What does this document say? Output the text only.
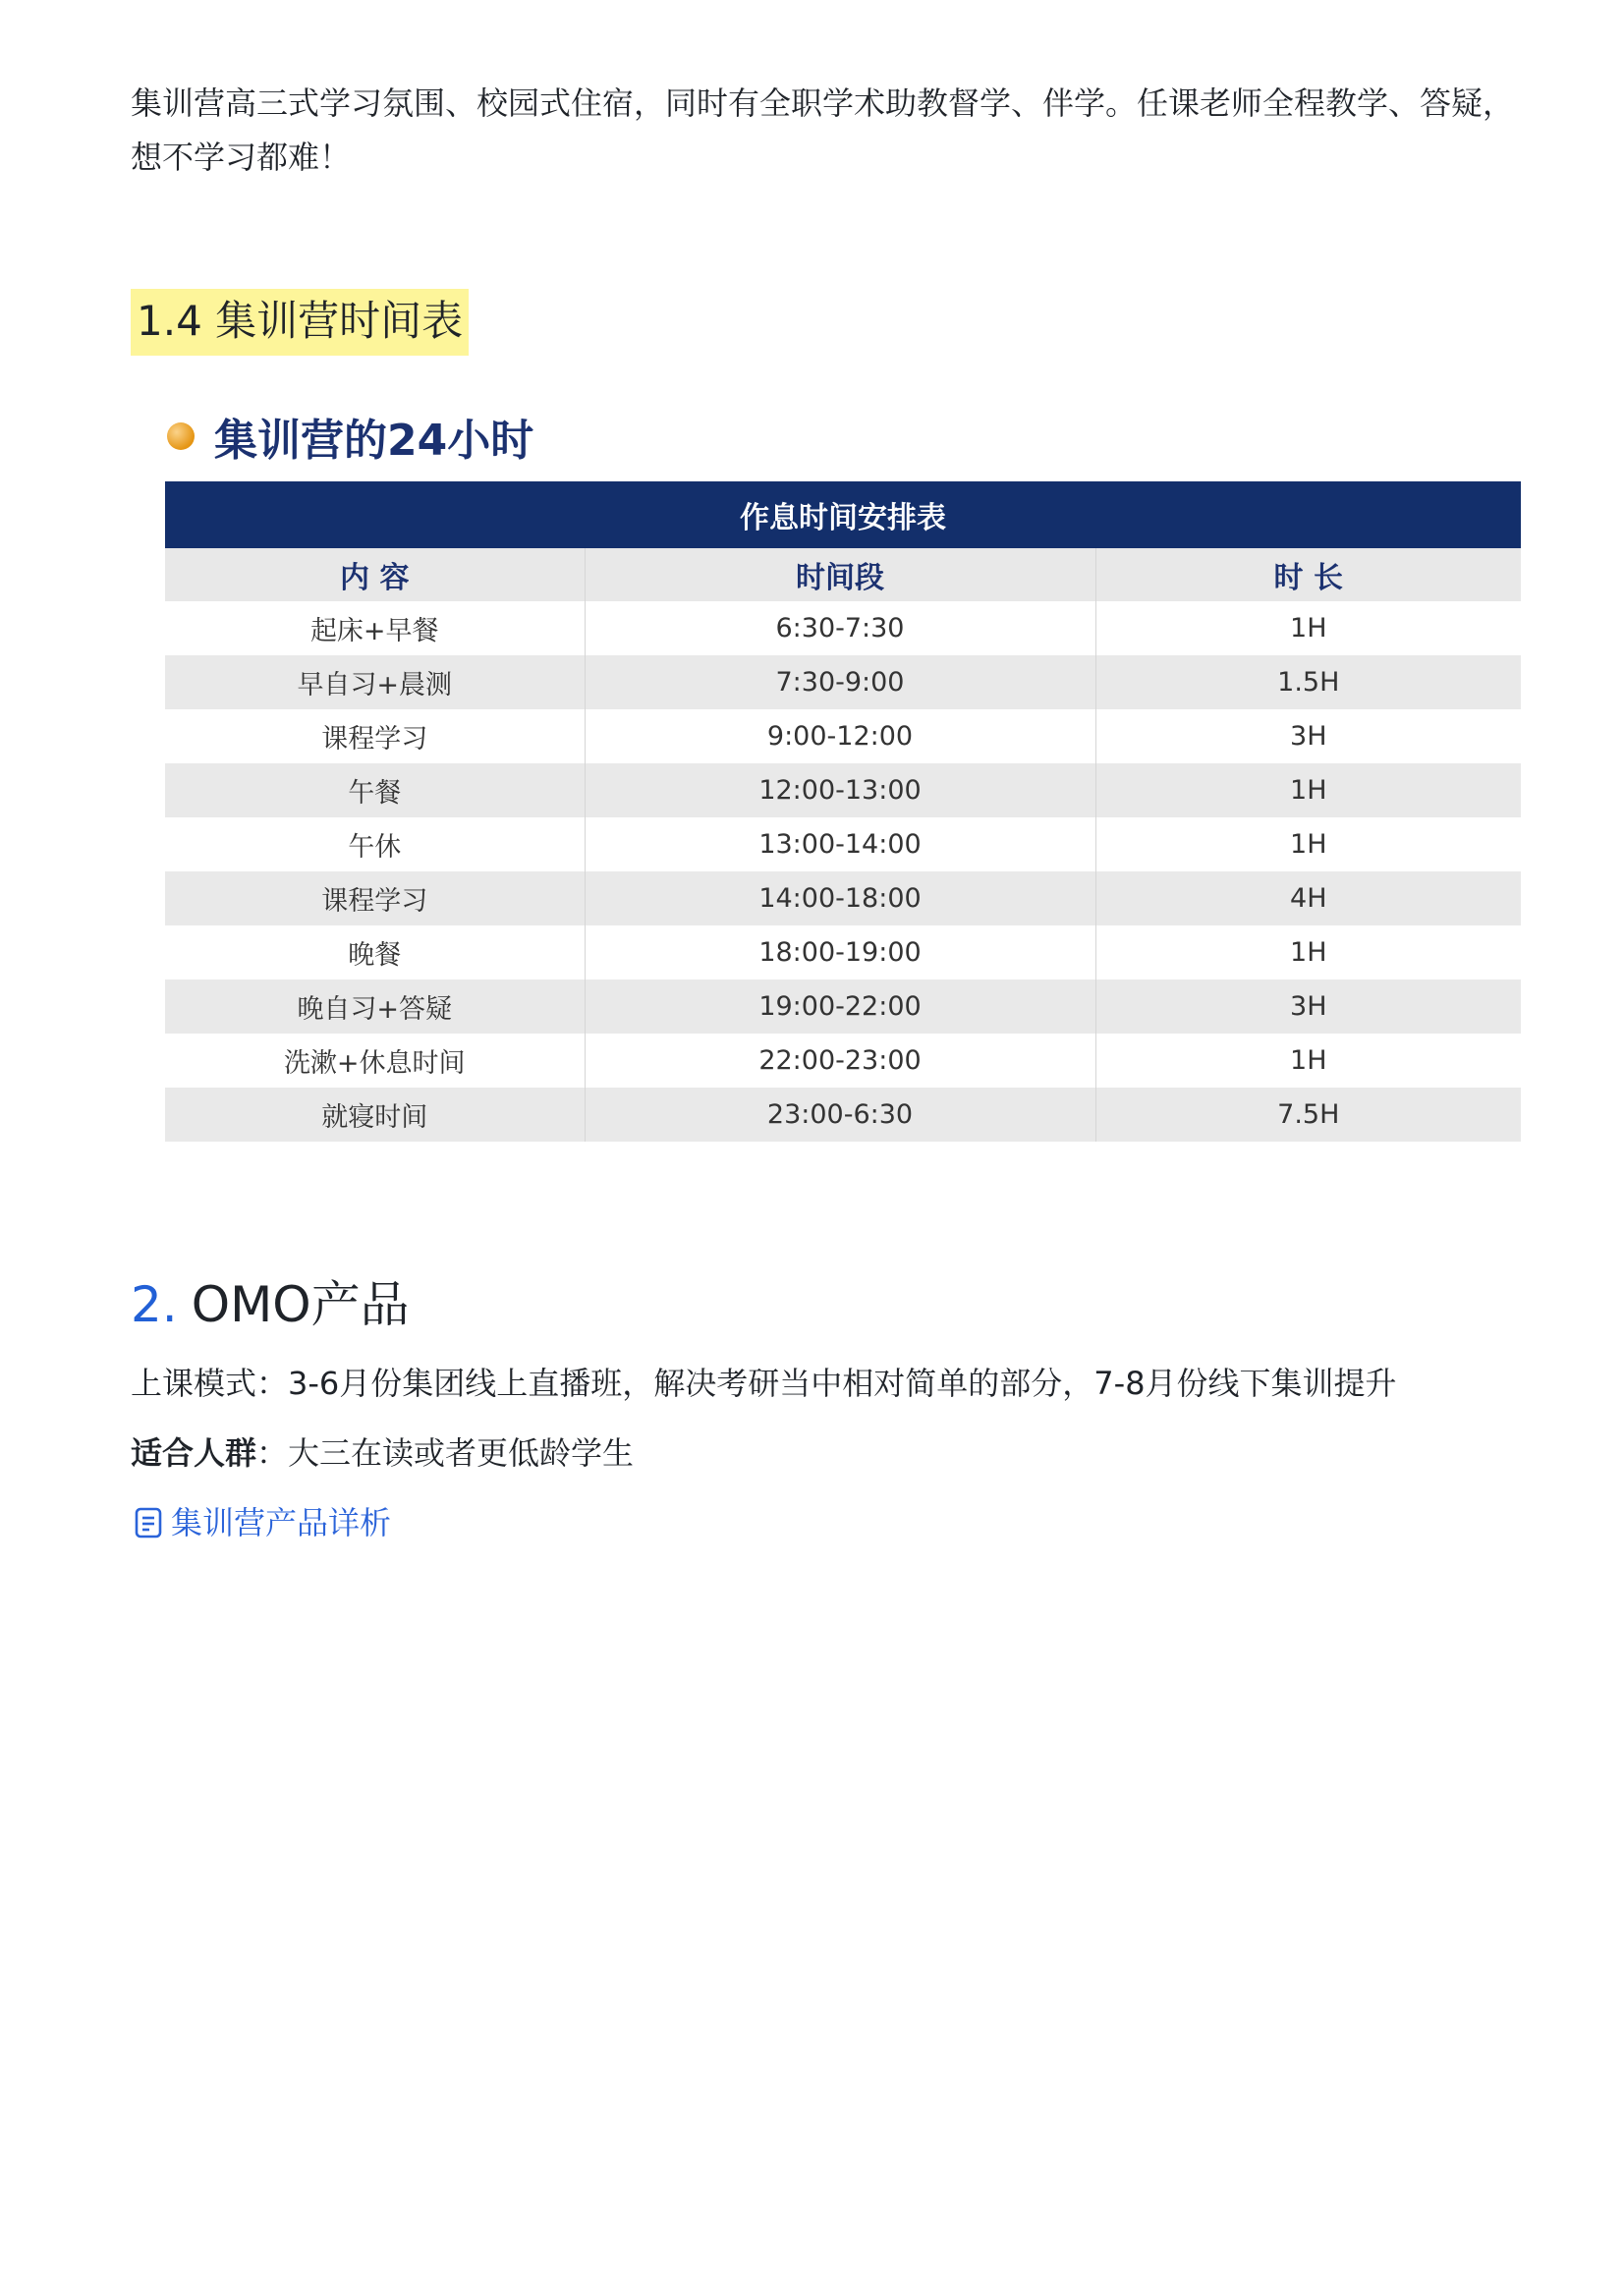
集训营高三式学习氛围、校园式住宿，同时有全职学术助教督学、伴学。任课老师全程教学、答疑，想不学习都难！

1.4 集训营时间表
集训营的24小时
作息时间安排表		
内 容	时间段	时 长
起床+早餐	6:30-7:30	1H
早自习+晨测	7:30-9:00	1.5H
课程学习	9:00-12:00	3H
午餐	12:00-13:00	1H
午休	13:00-14:00	1H
课程学习	14:00-18:00	4H
晚餐	18:00-19:00	1H
晚自习+答疑	19:00-22:00	3H
洗漱+休息时间	22:00-23:00	1H
就寝时间	23:00-6:30	7.5H
2. OMO产品

上课模式：3-6月份集团线上直播班，解决考研当中相对简单的部分，7-8月份线下集训提升

适合人群：大三在读或者更低龄学生

集训营产品详析
